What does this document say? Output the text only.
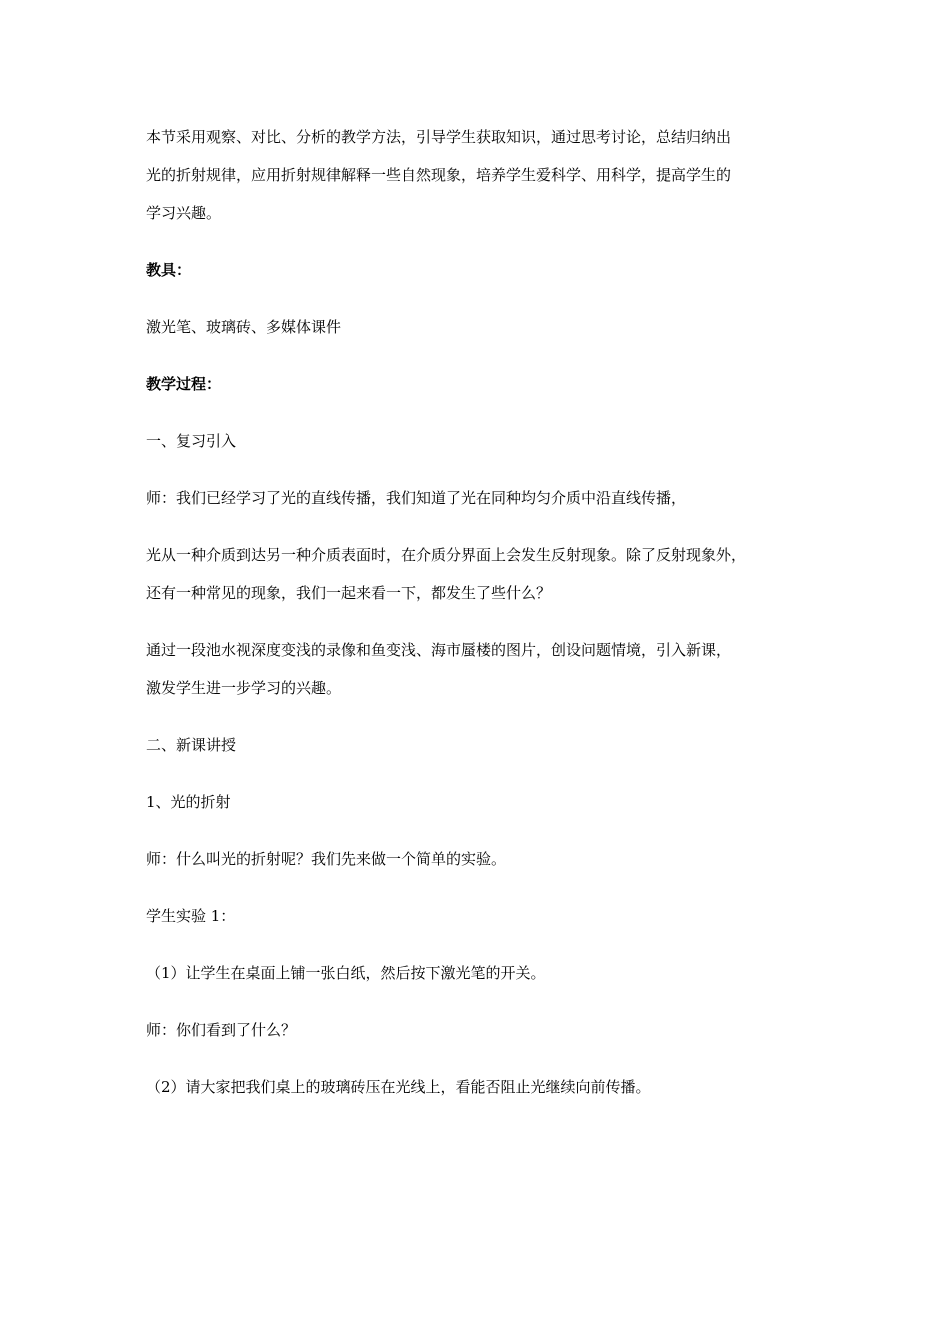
本节采用观察、对比、分析的教学方法，引导学生获取知识，通过思考讨论，总结归纳出

光的折射规律，应用折射规律解释一些自然现象，培养学生爱科学、用科学，提高学生的

学习兴趣。

教具：

激光笔、玻璃砖、多媒体课件

教学过程：

一、复习引入

师：我们已经学习了光的直线传播，我们知道了光在同种均匀介质中沿直线传播，

光从一种介质到达另一种介质表面时，在介质分界面上会发生反射现象。除了反射现象外，

还有一种常见的现象，我们一起来看一下，都发生了些什么？

通过一段池水视深度变浅的录像和鱼变浅、海市蜃楼的图片，创设问题情境，引入新课，

激发学生进一步学习的兴趣。

二、新课讲授

1、光的折射

师：什么叫光的折射呢？我们先来做一个简单的实验。

学生实验 1：

（1）让学生在桌面上铺一张白纸，然后按下激光笔的开关。

师：你们看到了什么？

（2）请大家把我们桌上的玻璃砖压在光线上，看能否阻止光继续向前传播。
